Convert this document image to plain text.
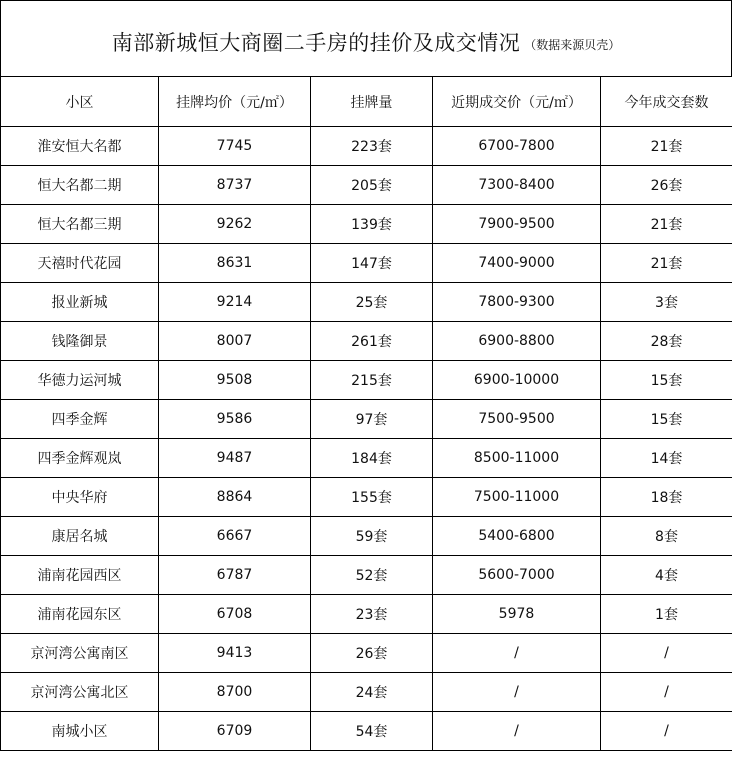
南部新城恒大商圈二手房的挂价及成交情况 （数据来源贝壳）
小区	挂牌均价（元/㎡）	挂牌量	近期成交价（元/㎡）	今年成交套数
淮安恒大名都	7745	223套	6700-7800	21套
恒大名都二期	8737	205套	7300-8400	26套
恒大名都三期	9262	139套	7900-9500	21套
天禧时代花园	8631	147套	7400-9000	21套
报业新城	9214	25套	7800-9300	3套
钱隆御景	8007	261套	6900-8800	28套
华德力运河城	9508	215套	6900-10000	15套
四季金辉	9586	97套	7500-9500	15套
四季金辉观岚	9487	184套	8500-11000	14套
中央华府	8864	155套	7500-11000	18套
康居名城	6667	59套	5400-6800	8套
浦南花园西区	6787	52套	5600-7000	4套
浦南花园东区	6708	23套	5978	1套
京河湾公寓南区	9413	26套	/	/
京河湾公寓北区	8700	24套	/	/
南城小区	6709	54套	/	/
